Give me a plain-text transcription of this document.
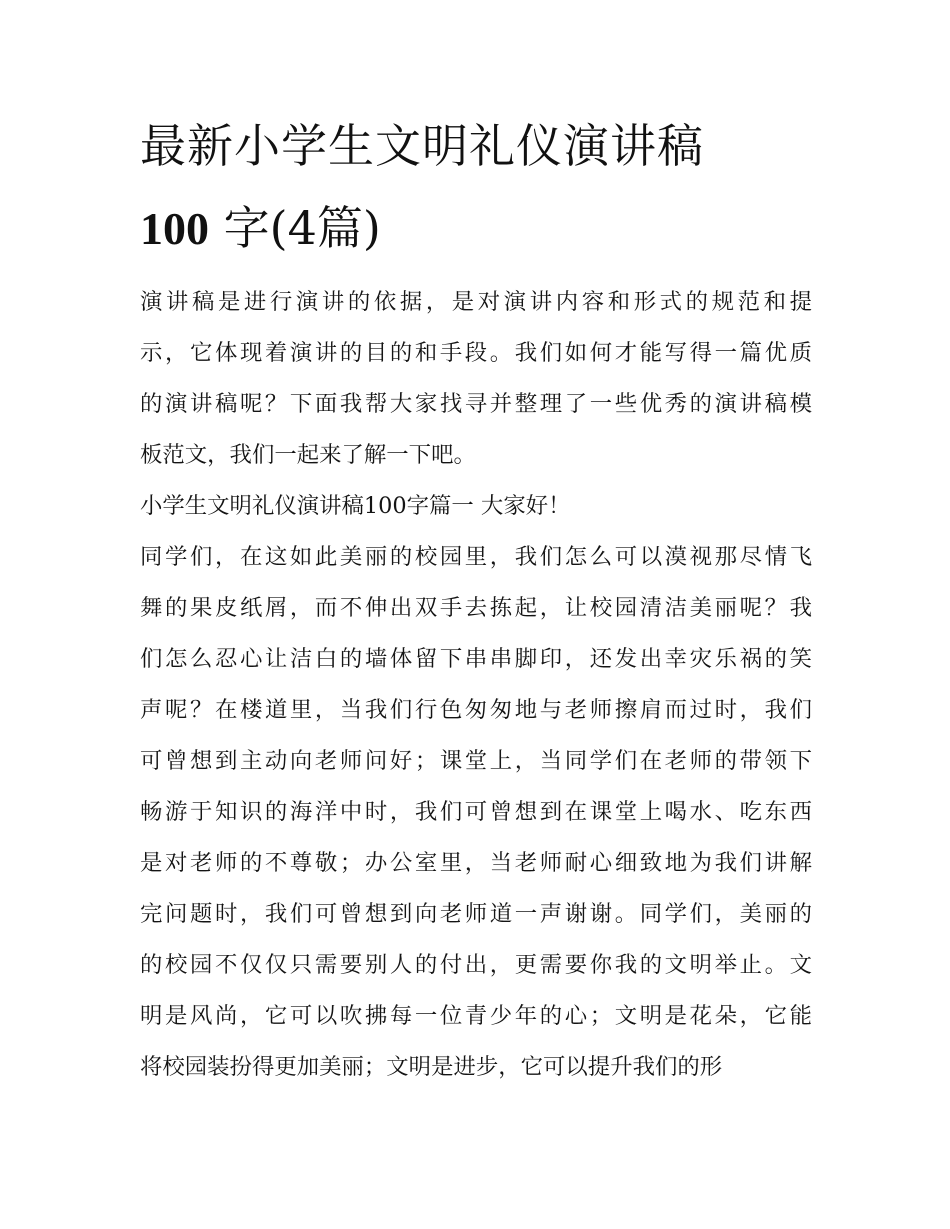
最新小学生文明礼仪演讲稿
100 字(4篇)
演讲稿是进行演讲的依据，是对演讲内容和形式的规范和提
示，它体现着演讲的目的和手段。我们如何才能写得一篇优质
的演讲稿呢？下面我帮大家找寻并整理了一些优秀的演讲稿模
板范文，我们一起来了解一下吧。
小学生文明礼仪演讲稿100字篇一 大家好！
同学们，在这如此美丽的校园里，我们怎么可以漠视那尽情飞
舞的果皮纸屑，而不伸出双手去拣起，让校园清洁美丽呢？我
们怎么忍心让洁白的墙体留下串串脚印，还发出幸灾乐祸的笑
声呢？在楼道里，当我们行色匆匆地与老师擦肩而过时，我们
可曾想到主动向老师问好；课堂上，当同学们在老师的带领下
畅游于知识的海洋中时，我们可曾想到在课堂上喝水、吃东西
是对老师的不尊敬；办公室里，当老师耐心细致地为我们讲解
完问题时，我们可曾想到向老师道一声谢谢。同学们，美丽的
的校园不仅仅只需要别人的付出，更需要你我的文明举止。文
明是风尚，它可以吹拂每一位青少年的心；文明是花朵，它能
将校园装扮得更加美丽；文明是进步，它可以提升我们的形
